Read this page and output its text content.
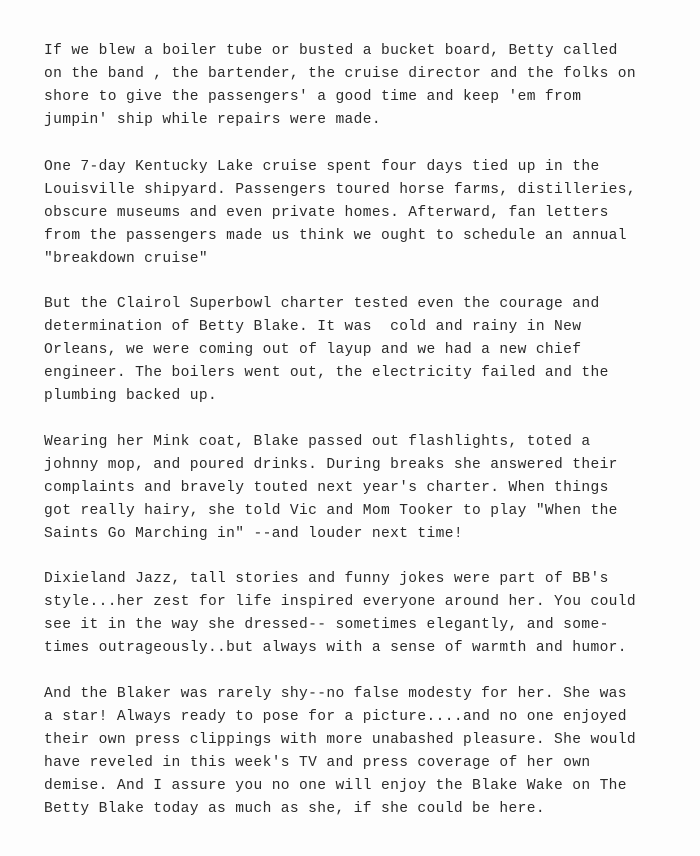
If we blew a boiler tube or busted a bucket board, Betty called
on the band , the bartender, the cruise director and the folks on
shore to give the passengers' a good time and keep 'em from
jumpin' ship while repairs were made.
One 7-day Kentucky Lake cruise spent four days tied up in the
Louisville shipyard. Passengers toured horse farms, distilleries,
obscure museums and even private homes. Afterward, fan letters
from the passengers made us think we ought to schedule an annual
"breakdown cruise"
But the Clairol Superbowl charter tested even the courage and
determination of Betty Blake. It was  cold and rainy in New
Orleans, we were coming out of layup and we had a new chief
engineer. The boilers went out, the electricity failed and the
plumbing backed up.
Wearing her Mink coat, Blake passed out flashlights, toted a
johnny mop, and poured drinks. During breaks she answered their
complaints and bravely touted next year's charter. When things
got really hairy, she told Vic and Mom Tooker to play "When the
Saints Go Marching in" --and louder next time!
Dixieland Jazz, tall stories and funny jokes were part of BB's
style...her zest for life inspired everyone around her. You could
see it in the way she dressed-- sometimes elegantly, and some-
times outrageously..but always with a sense of warmth and humor.
And the Blaker was rarely shy--no false modesty for her. She was
a star! Always ready to pose for a picture....and no one enjoyed
their own press clippings with more unabashed pleasure. She would
have reveled in this week's TV and press coverage of her own
demise. And I assure you no one will enjoy the Blake Wake on The
Betty Blake today as much as she, if she could be here.
